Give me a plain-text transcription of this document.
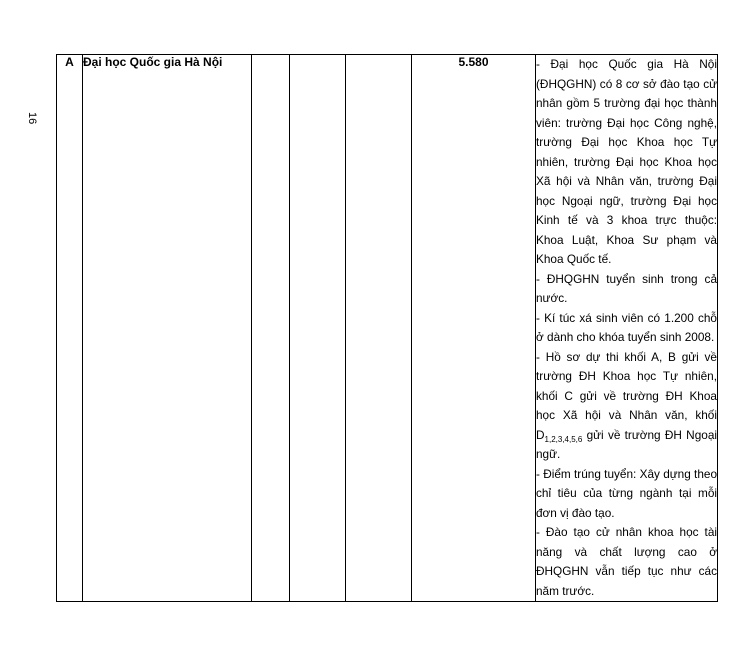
16
A	Đại học Quốc gia Hà Nội				5.580	- Đại học Quốc gia Hà Nội (ĐHQGHN) có 8 cơ sở đào tạo cử nhân gồm 5 trường đại học thành viên: trường Đại học Công nghệ, trường Đại học Khoa học Tự nhiên, trường Đại học Khoa học Xã hội và Nhân văn, trường Đại học Ngoại ngữ, trường Đại học Kinh tế và 3 khoa trực thuộc: Khoa Luật, Khoa Sư phạm và Khoa Quốc tế.
- ĐHQGHN tuyển sinh trong cả nước.
- Kí túc xá sinh viên có 1.200 chỗ ở dành cho khóa tuyển sinh 2008.
- Hồ sơ dự thi khối A, B gửi về trường ĐH Khoa học Tự nhiên, khối C gửi về trường ĐH Khoa học Xã hội và Nhân văn, khối $D_{1,2,3,4,5,6}$ gửi về trường ĐH Ngoại ngữ.
- Điểm trúng tuyển: Xây dựng theo chỉ tiêu của từng ngành tại mỗi đơn vị đào tạo.
- Đào tạo cử nhân khoa học tài năng và chất lượng cao ở ĐHQGHN vẫn tiếp tục như các năm trước.
